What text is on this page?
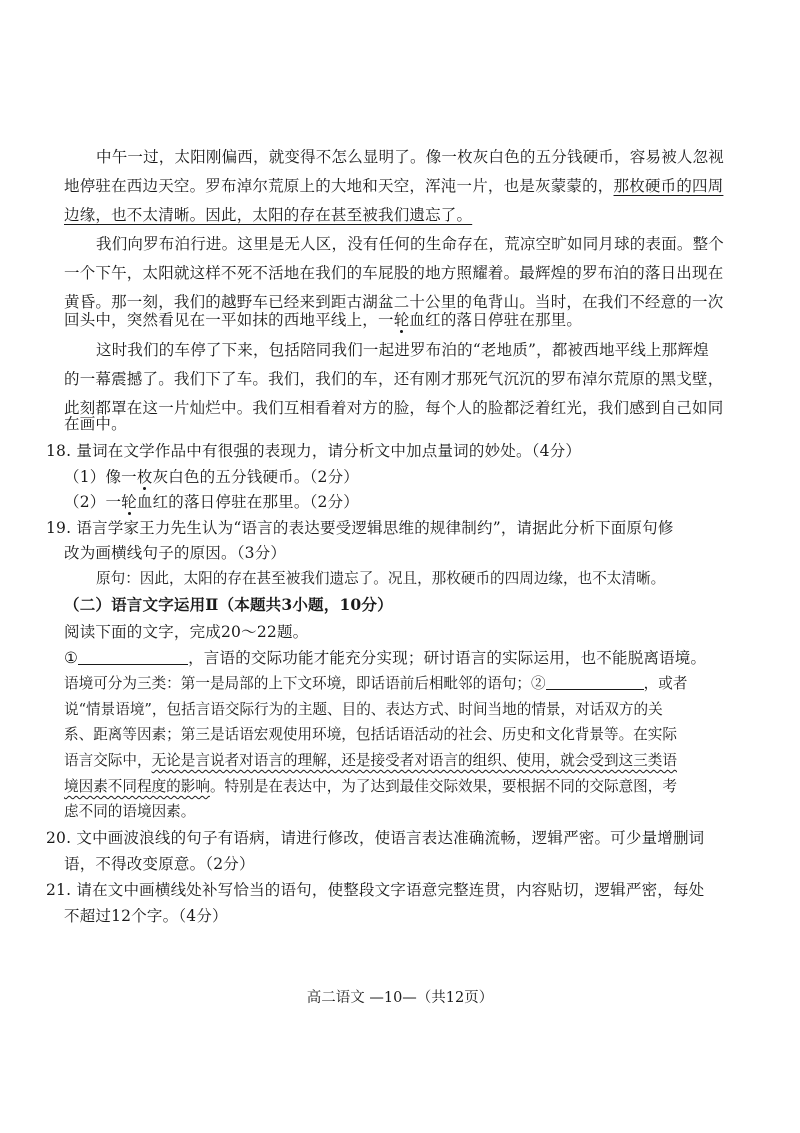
中午一过，太阳刚偏西，就变得不怎么显明了。像一枚灰白色的五分钱硬币，容易被人忽视
地停驻在西边天空。罗布淖尔荒原上的大地和天空，浑沌一片，也是灰蒙蒙的，那枚硬币的四周
边缘，也不太清晰。因此，太阳的存在甚至被我们遗忘了。
我们向罗布泊行进。这里是无人区，没有任何的生命存在，荒凉空旷如同月球的表面。整个
一个下午，太阳就这样不死不活地在我们的车屁股的地方照耀着。最辉煌的罗布泊的落日出现在
黄昏。那一刻，我们的越野车已经来到距古湖盆二十公里的龟背山。当时，在我们不经意的一次
回头中，突然看见在一平如抹的西地平线上，一轮血红的落日停驻在那里。
这时我们的车停了下来，包括陪同我们一起进罗布泊的“老地质”，都被西地平线上那辉煌
的一幕震撼了。我们下了车。我们，我们的车，还有刚才那死气沉沉的罗布淖尔荒原的黑戈壁，
此刻都罩在这一片灿烂中。我们互相看着对方的脸，每个人的脸都泛着红光，我们感到自己如同
在画中。
18. 量词在文学作品中有很强的表现力，请分析文中加点量词的妙处。（4分）
（1）像一枚灰白色的五分钱硬币。（2分）
（2）一轮血红的落日停驻在那里。（2分）
19. 语言学家王力先生认为“语言的表达要受逻辑思维的规律制约”，请据此分析下面原句修
改为画横线句子的原因。（3分）
原句：因此，太阳的存在甚至被我们遗忘了。况且，那枚硬币的四周边缘，也不太清晰。
（二）语言文字运用Ⅱ（本题共3小题，10分）
阅读下面的文字，完成20～22题。
①	，言语的交际功能才能充分实现；研讨语言的实际运用，也不能脱离语境。
语境可分为三类：第一是局部的上下文环境，即话语前后相毗邻的语句；②	，或者
说“情景语境”，包括言语交际行为的主题、目的、表达方式、时间当地的情景，对话双方的关
系、距离等因素；第三是话语宏观使用环境，包括话语活动的社会、历史和文化背景等。在实际
语言交际中，无论是言说者对语言的理解，还是接受者对语言的组织、使用，就会受到这三类语
境因素不同程度的影响。特别是在表达中，为了达到最佳交际效果，要根据不同的交际意图，考
虑不同的语境因素。
20. 文中画波浪线的句子有语病，请进行修改，使语言表达准确流畅，逻辑严密。可少量增删词
语，不得改变原意。（2分）
21. 请在文中画横线处补写恰当的语句，使整段文字语意完整连贯，内容贴切，逻辑严密，每处
不超过12个字。（4分）
高二语文 —10—（共12页）
